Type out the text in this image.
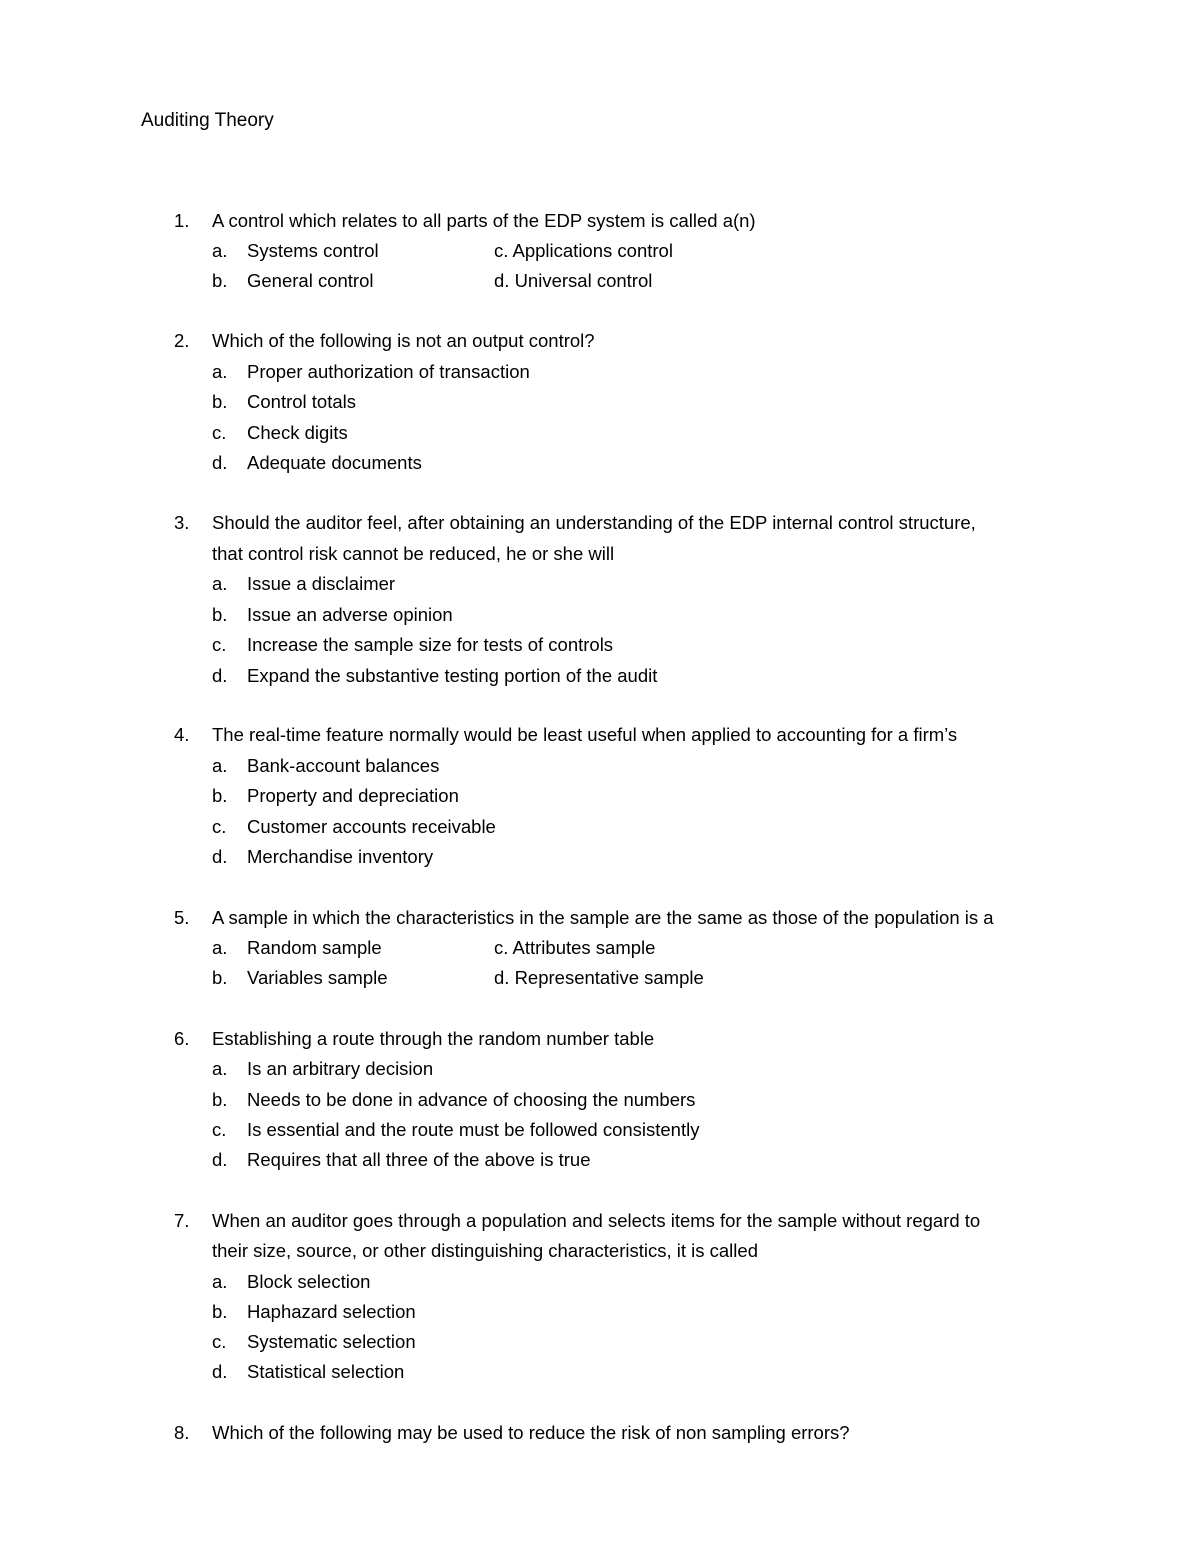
Auditing Theory
1. A control which relates to all parts of the EDP system is called a(n)
a. Systems control	c. Applications control
b. General control	d. Universal control
2. Which of the following is not an output control?
a. Proper authorization of transaction
b. Control totals
c. Check digits
d. Adequate documents
3. Should the auditor feel, after obtaining an understanding of the EDP internal control structure,
that control risk cannot be reduced, he or she will
a. Issue a disclaimer
b. Issue an adverse opinion
c. Increase the sample size for tests of controls
d. Expand the substantive testing portion of the audit
4. The real-time feature normally would be least useful when applied to accounting for a firm’s
a. Bank-account balances
b. Property and depreciation
c. Customer accounts receivable
d. Merchandise inventory
5. A sample in which the characteristics in the sample are the same as those of the population is a
a. Random sample	c. Attributes sample
b. Variables sample	d. Representative sample
6. Establishing a route through the random number table
a. Is an arbitrary decision
b. Needs to be done in advance of choosing the numbers
c. Is essential and the route must be followed consistently
d. Requires that all three of the above is true
7. When an auditor goes through a population and selects items for the sample without regard to
their size, source, or other distinguishing characteristics, it is called
a. Block selection
b. Haphazard selection
c. Systematic selection
d. Statistical selection
8. Which of the following may be used to reduce the risk of non sampling errors?
